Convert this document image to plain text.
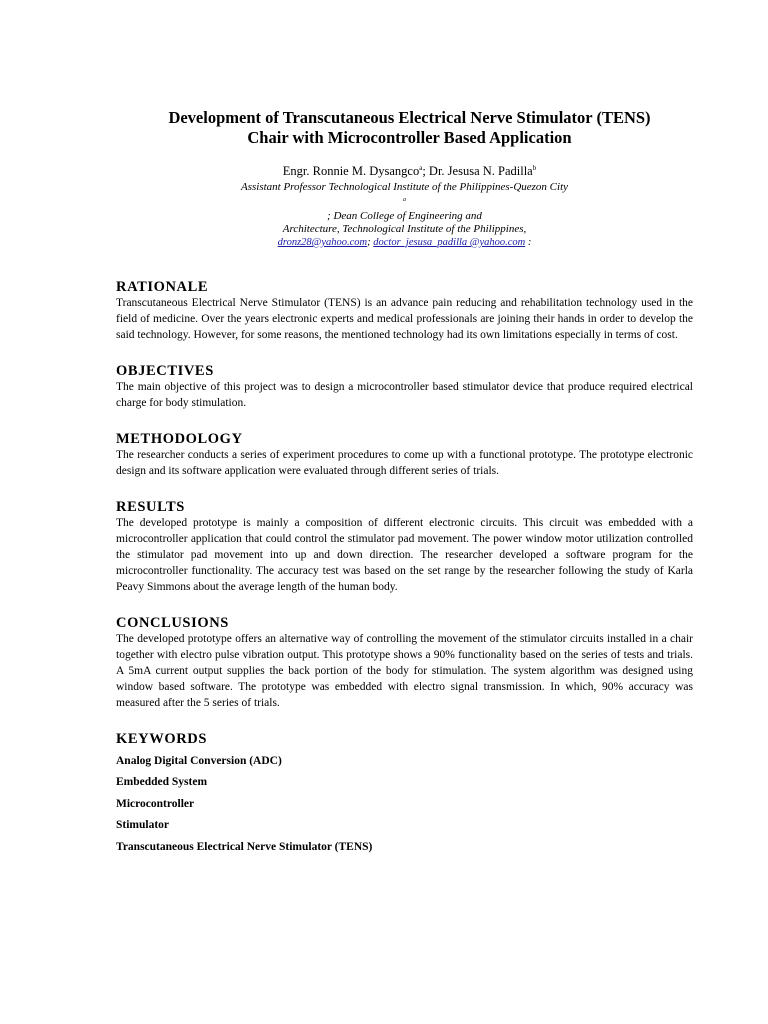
Development of Transcutaneous Electrical Nerve Stimulator (TENS)
Chair with Microcontroller Based Application
Engr. Ronnie M. Dysangco$^a$; Dr. Jesusa N. Padilla$^b$
Assistant Professor Technological Institute of the Philippines-Quezon City
$^a$
; Dean College of Engineering and
Architecture, Technological Institute of the Philippines,
dronz28@yahoo.com; doctor_jesusa_padilla @yahoo.com :
RATIONALE

Transcutaneous Electrical Nerve Stimulator (TENS) is an advance pain reducing and rehabilitation technology used in the field of medicine. Over the years electronic experts and medical professionals are joining their hands in order to develop the said technology. However, for some reasons, the mentioned technology had its own limitations especially in terms of cost.

OBJECTIVES

The main objective of this project was to design a microcontroller based stimulator device that produce required electrical charge for body stimulation.

METHODOLOGY

The researcher conducts a series of experiment procedures to come up with a functional prototype. The prototype electronic design and its software application were evaluated through different series of trials.

RESULTS

The developed prototype is mainly a composition of different electronic circuits. This circuit was embedded with a microcontroller application that could control the stimulator pad movement. The power window motor utilization controlled the stimulator pad movement into up and down direction. The researcher developed a software program for the microcontroller functionality. The accuracy test was based on the set range by the researcher following the study of Karla Peavy Simmons about the average length of the human body.

CONCLUSIONS

The developed prototype offers an alternative way of controlling the movement of the stimulator circuits installed in a chair together with electro pulse vibration output. This prototype shows a 90% functionality based on the series of tests and trials. A 5mA current output supplies the back portion of the body for stimulation. The system algorithm was designed using window based software. The prototype was embedded with electro signal transmission. In which, 90% accuracy was measured after the 5 series of trials.

KEYWORDS
Analog Digital Conversion (ADC)
Embedded System
Microcontroller
Stimulator
Transcutaneous Electrical Nerve Stimulator (TENS)
